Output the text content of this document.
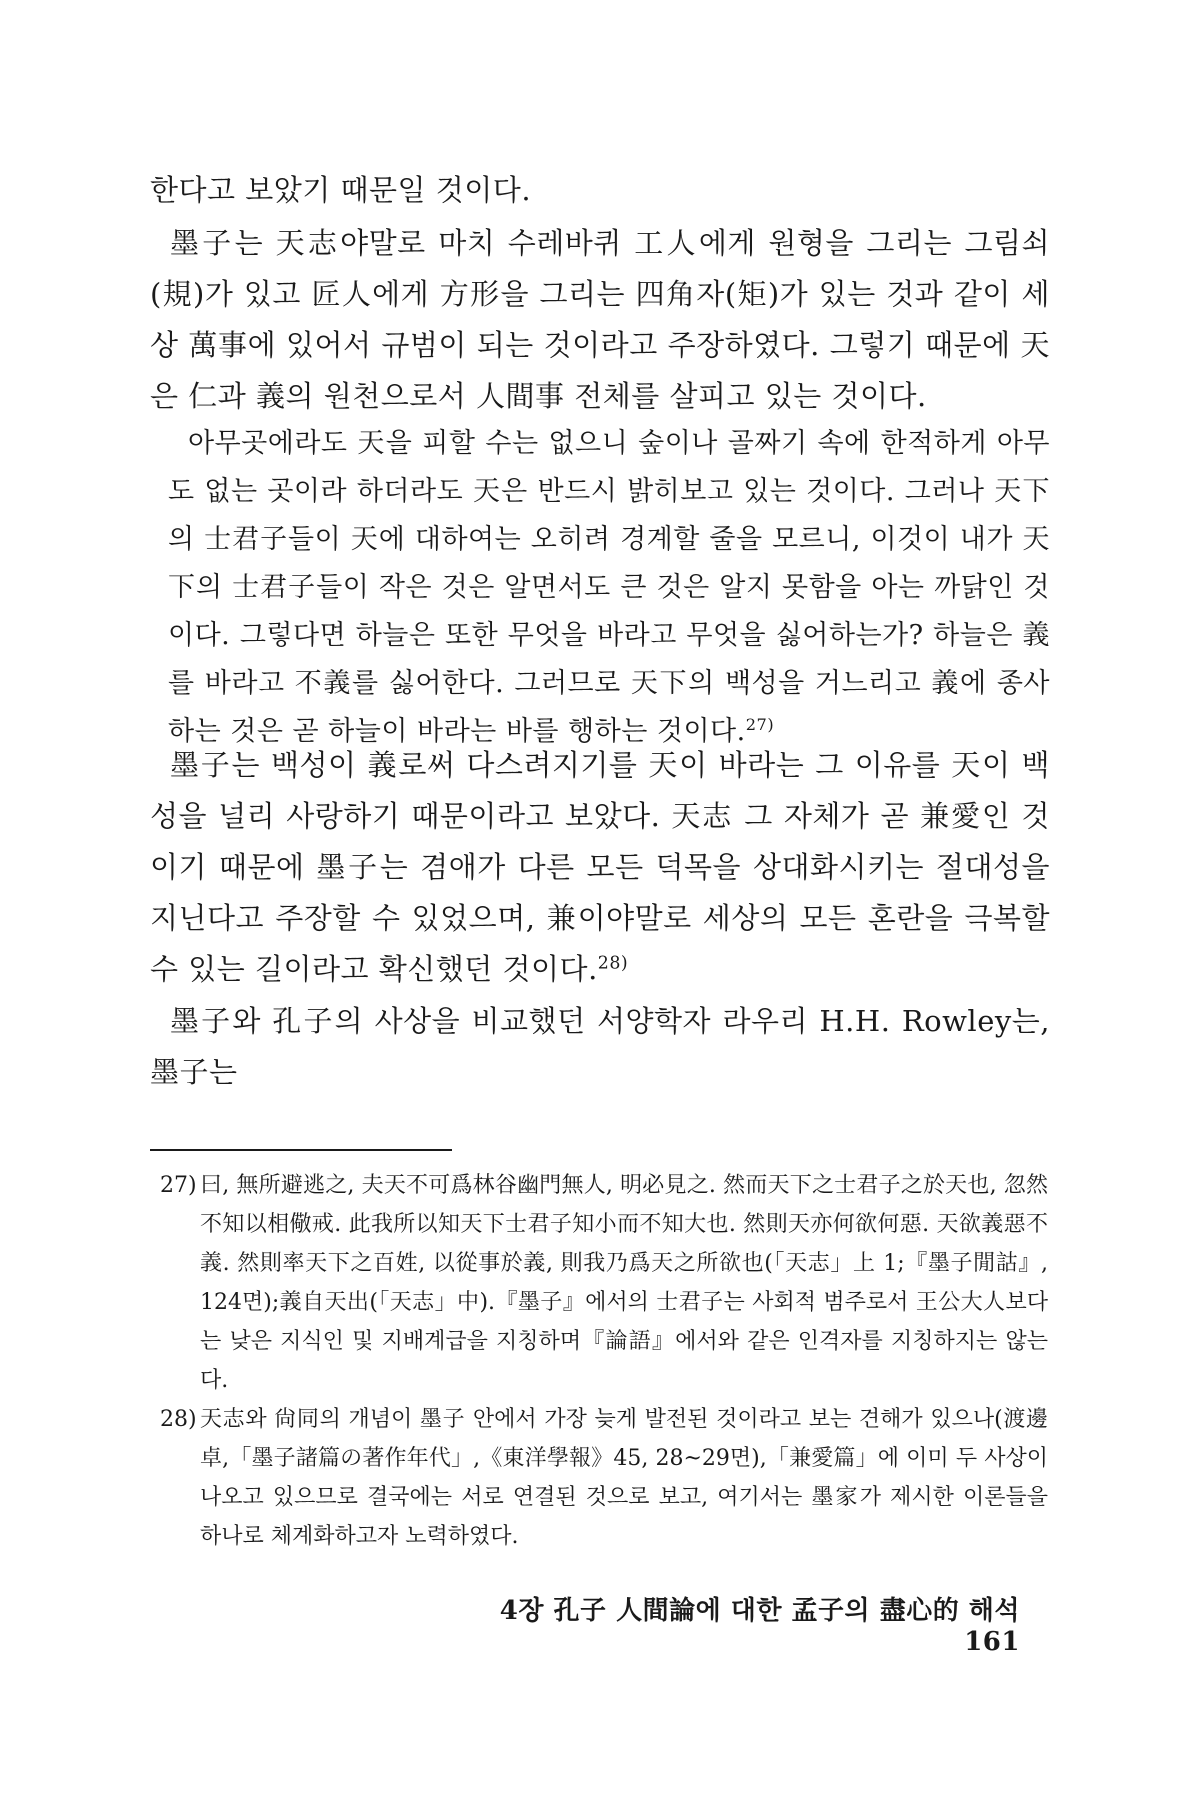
한다고 보았기 때문일 것이다.

墨子는 天志야말로 마치 수레바퀴 工人에게 원형을 그리는 그림쇠(規)가 있고 匠人에게 方形을 그리는 四角자(矩)가 있는 것과 같이 세상 萬事에 있어서 규범이 되는 것이라고 주장하였다. 그렇기 때문에 天은 仁과 義의 원천으로서 人間事 전체를 살피고 있는 것이다.

아무곳에라도 天을 피할 수는 없으니 숲이나 골짜기 속에 한적하게 아무도 없는 곳이라 하더라도 天은 반드시 밝히보고 있는 것이다. 그러나 天下의 士君子들이 天에 대하여는 오히려 경계할 줄을 모르니, 이것이 내가 天下의 士君子들이 작은 것은 알면서도 큰 것은 알지 못함을 아는 까닭인 것이다. 그렇다면 하늘은 또한 무엇을 바라고 무엇을 싫어하는가? 하늘은 義를 바라고 不義를 싫어한다. 그러므로 天下의 백성을 거느리고 義에 종사하는 것은 곧 하늘이 바라는 바를 행하는 것이다.$^{27)}$

墨子는 백성이 義로써 다스려지기를 天이 바라는 그 이유를 天이 백성을 널리 사랑하기 때문이라고 보았다. 天志 그 자체가 곧 兼愛인 것이기 때문에 墨子는 겸애가 다른 모든 덕목을 상대화시키는 절대성을 지닌다고 주장할 수 있었으며, 兼이야말로 세상의 모든 혼란을 극복할 수 있는 길이라고 확신했던 것이다.$^{28)}$

墨子와 孔子의 사상을 비교했던 서양학자 라우리 H.H. Rowley는, 墨子는

27) 曰, 無所避逃之, 夫天不可爲林谷幽門無人, 明必見之. 然而天下之士君子之於天也, 忽然不知以相儆戒. 此我所以知天下士君子知小而不知大也. 然則天亦何欲何惡. 天欲義惡不義. 然則率天下之百姓, 以從事於義, 則我乃爲天之所欲也(「天志」上 1;『墨子閒詁』, 124면);義自天出(「天志」中).『墨子』에서의 士君子는 사회적 범주로서 王公大人보다는 낮은 지식인 및 지배계급을 지칭하며『論語』에서와 같은 인격자를 지칭하지는 않는다.
28) 天志와 尙同의 개념이 墨子 안에서 가장 늦게 발전된 것이라고 보는 견해가 있으나(渡邊卓,「墨子諸篇の著作年代」,《東洋學報》45, 28~29면),「兼愛篇」에 이미 두 사상이 나오고 있으므로 결국에는 서로 연결된 것으로 보고, 여기서는 墨家가 제시한 이론들을 하나로 체계화하고자 노력하였다.
4장 孔子 人間論에 대한 孟子의 盡心的 해석161
